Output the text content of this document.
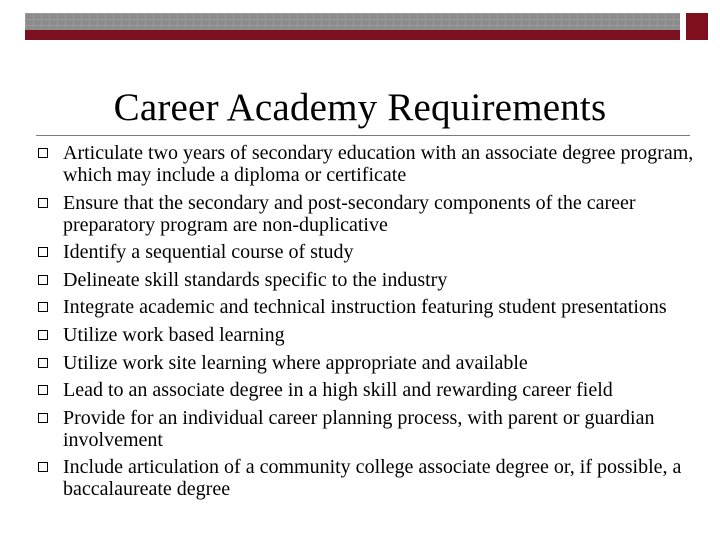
Career Academy Requirements
Articulate two years of secondary education with an associate degree program, which may include a diploma or certificate
Ensure that the secondary and post-secondary components of the career preparatory program are non-duplicative
Identify a sequential course of study
Delineate skill standards specific to the industry
Integrate academic and technical instruction featuring student presentations
Utilize work based learning
Utilize work site learning where appropriate and available
Lead to an associate degree in a high skill and rewarding career field
Provide for an individual career planning process, with parent or guardian involvement
Include articulation of a community college associate degree or, if possible, a baccalaureate degree
